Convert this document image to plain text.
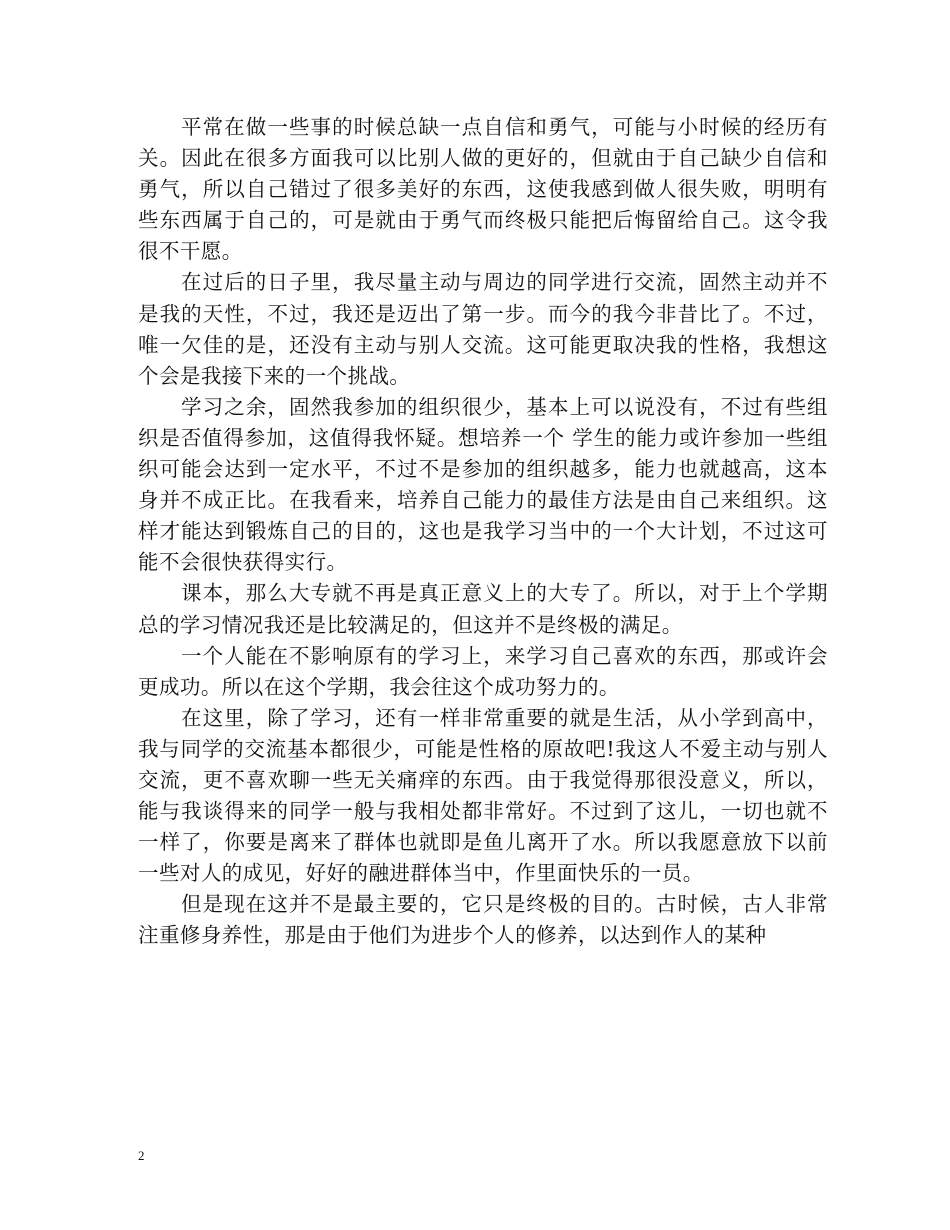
平常在做一些事的时候总缺一点自信和勇气，可能与小时候的经历有关。因此在很多方面我可以比别人做的更好的，但就由于自己缺少自信和勇气，所以自己错过了很多美好的东西，这使我感到做人很失败，明明有些东西属于自己的，可是就由于勇气而终极只能把后悔留给自己。这令我很不干愿。

在过后的日子里，我尽量主动与周边的同学进行交流，固然主动并不是我的天性，不过，我还是迈出了第一步。而今的我今非昔比了。不过，唯一欠佳的是，还没有主动与别人交流。这可能更取决我的性格，我想这个会是我接下来的一个挑战。

学习之余，固然我参加的组织很少，基本上可以说没有，不过有些组织是否值得参加，这值得我怀疑。想培养一个 学生的能力或许参加一些组织可能会达到一定水平，不过不是参加的组织越多，能力也就越高，这本身并不成正比。在我看来，培养自己能力的最佳方法是由自己来组织。这样才能达到锻炼自己的目的，这也是我学习当中的一个大计划，不过这可能不会很快获得实行。

课本，那么大专就不再是真正意义上的大专了。所以，对于上个学期总的学习情况我还是比较满足的，但这并不是终极的满足。

一个人能在不影响原有的学习上，来学习自己喜欢的东西，那或许会更成功。所以在这个学期，我会往这个成功努力的。

在这里，除了学习，还有一样非常重要的就是生活，从小学到高中，我与同学的交流基本都很少，可能是性格的原故吧!我这人不爱主动与别人交流，更不喜欢聊一些无关痛痒的东西。由于我觉得那很没意义，所以，能与我谈得来的同学一般与我相处都非常好。不过到了这儿，一切也就不一样了，你要是离来了群体也就即是鱼儿离开了水。所以我愿意放下以前一些对人的成见，好好的融进群体当中，作里面快乐的一员。

但是现在这并不是最主要的，它只是终极的目的。古时候，古人非常注重修身养性，那是由于他们为进步个人的修养，以达到作人的某种

2
